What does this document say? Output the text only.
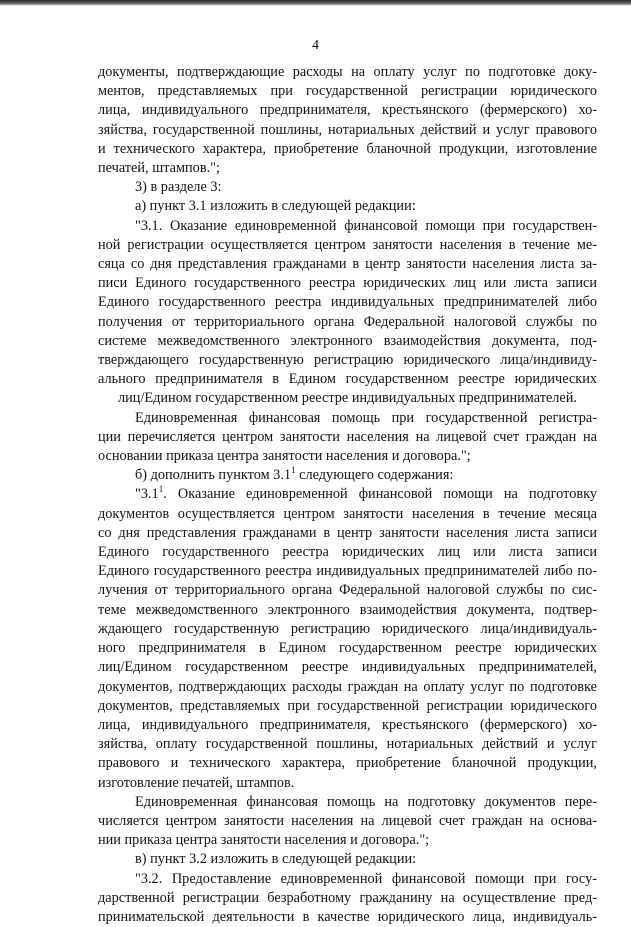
4
документы, подтверждающие расходы на оплату услуг по подготовке доку-
ментов, представляемых при государственной регистрации юридического
лица, индивидуального предпринимателя, крестьянского (фермерского) хо-
зяйства, государственной пошлины, нотариальных действий и услуг правового
и технического характера, приобретение бланочной продукции, изготовление
печатей, штампов.";
3) в разделе 3:
а) пункт 3.1 изложить в следующей редакции:
"3.1. Оказание единовременной финансовой помощи при государствен-
ной регистрации осуществляется центром занятости населения в течение ме-
сяца со дня представления гражданами в центр занятости населения листа за-
писи Единого государственного реестра юридических лиц или листа записи
Единого государственного реестра индивидуальных предпринимателей либо
получения от территориального органа Федеральной налоговой службы по
системе межведомственного электронного взаимодействия документа, под-
тверждающего государственную регистрацию юридического лица/индивиду-
ального предпринимателя в Едином государственном реестре юридических
лиц/Едином государственном реестре индивидуальных предпринимателей.
Единовременная финансовая помощь при государственной регистра-
ции перечисляется центром занятости населения на лицевой счет граждан на
основании приказа центра занятости населения и договора.";
б) дополнить пунктом $3.1^1$ следующего содержания:
"$3.1^1$. Оказание единовременной финансовой помощи на подготовку
документов осуществляется центром занятости населения в течение месяца
со дня представления гражданами в центр занятости населения листа записи
Единого государственного реестра юридических лиц или листа записи
Единого государственного реестра индивидуальных предпринимателей либо по-
лучения от территориального органа Федеральной налоговой службы по сис-
теме межведомственного электронного взаимодействия документа, подтвер-
ждающего государственную регистрацию юридического лица/индивидуаль-
ного предпринимателя в Едином государственном реестре юридических
лиц/Едином государственном реестре индивидуальных предпринимателей,
документов, подтверждающих расходы граждан на оплату услуг по подготовке
документов, представляемых при государственной регистрации юридического
лица, индивидуального предпринимателя, крестьянского (фермерского) хо-
зяйства, оплату государственной пошлины, нотариальных действий и услуг
правового и технического характера, приобретение бланочной продукции,
изготовление печатей, штампов.
Единовременная финансовая помощь на подготовку документов пере-
числяется центром занятости населения на лицевой счет граждан на основа-
нии приказа центра занятости населения и договора.";
в) пункт 3.2 изложить в следующей редакции:
"3.2. Предоставление единовременной финансовой помощи при госу-
дарственной регистрации безработному гражданину на осуществление пред-
принимательской деятельности в качестве юридического лица, индивидуаль-
